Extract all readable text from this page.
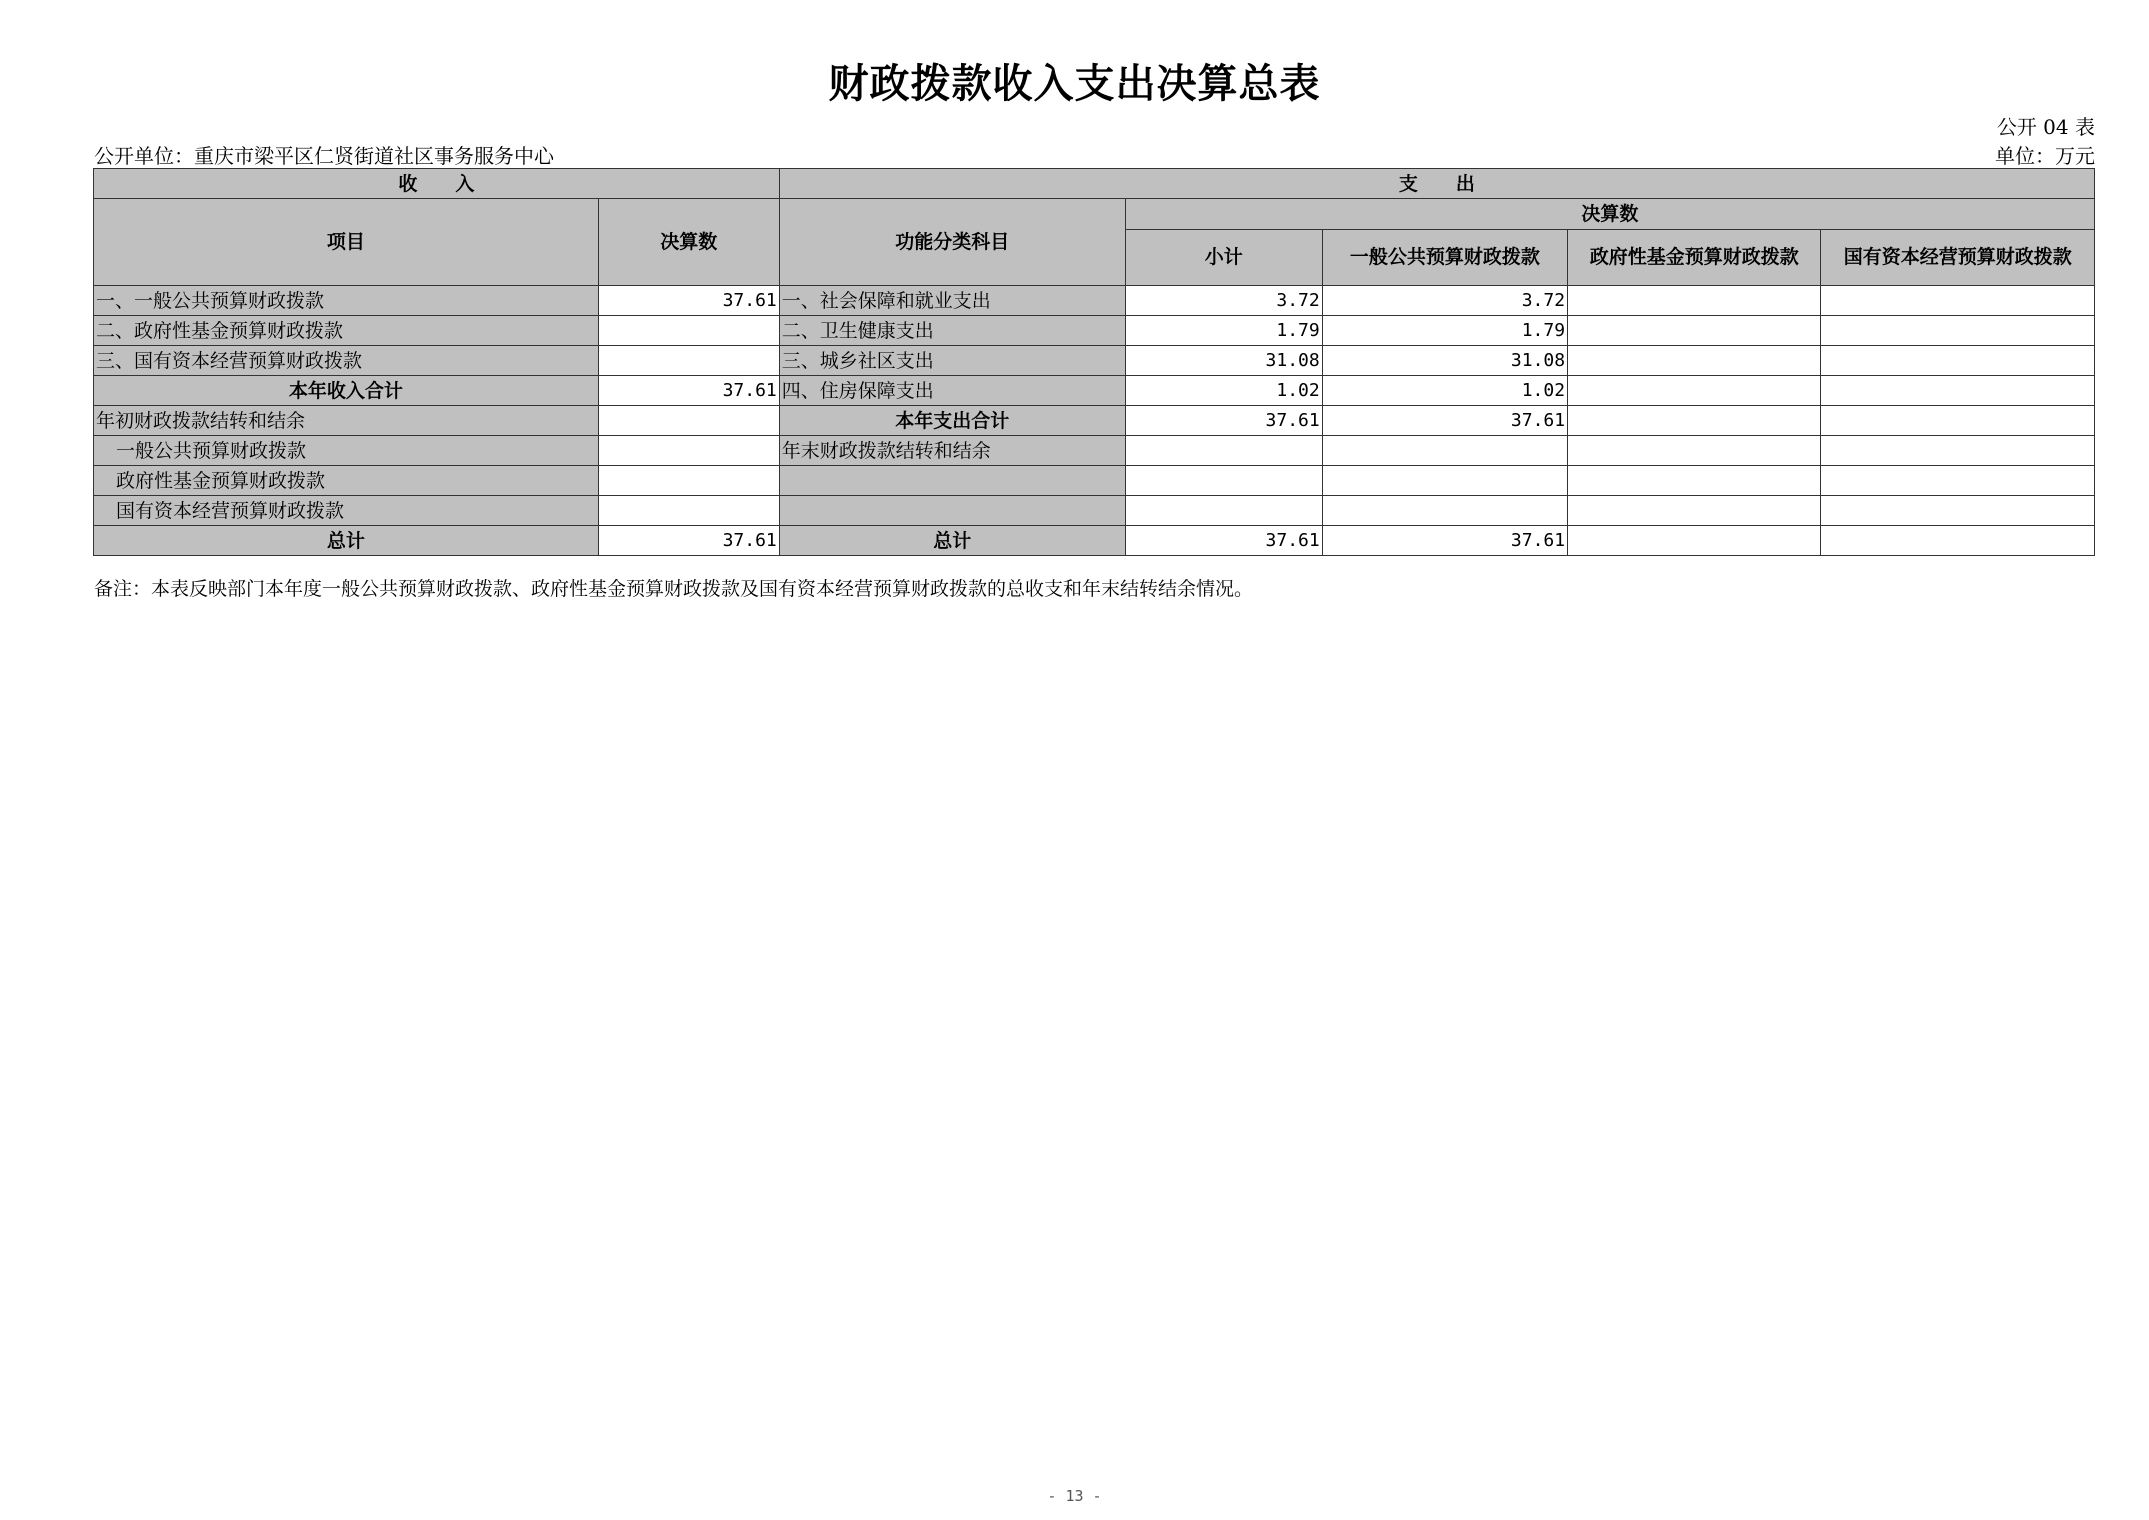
财政拨款收入支出决算总表
公开 04 表
公开单位：重庆市梁平区仁贤街道社区事务服务中心	单位：万元
收　　入		支　　出				
项目	决算数	功能分类科目	决算数			
			小计	一般公共预算财政拨款	政府性基金预算财政拨款	国有资本经营预算财政拨款
一、一般公共预算财政拨款	37.61	一、社会保障和就业支出	3.72	3.72		
二、政府性基金预算财政拨款		二、卫生健康支出	1.79	1.79		
三、国有资本经营预算财政拨款		三、城乡社区支出	31.08	31.08		
本年收入合计	37.61	四、住房保障支出	1.02	1.02		
年初财政拨款结转和结余		本年支出合计	37.61	37.61		
一般公共预算财政拨款		年末财政拨款结转和结余				
政府性基金预算财政拨款						
国有资本经营预算财政拨款						
总计	37.61	总计	37.61	37.61		
备注：本表反映部门本年度一般公共预算财政拨款、政府性基金预算财政拨款及国有资本经营预算财政拨款的总收支和年末结转结余情况。
- 13 -
